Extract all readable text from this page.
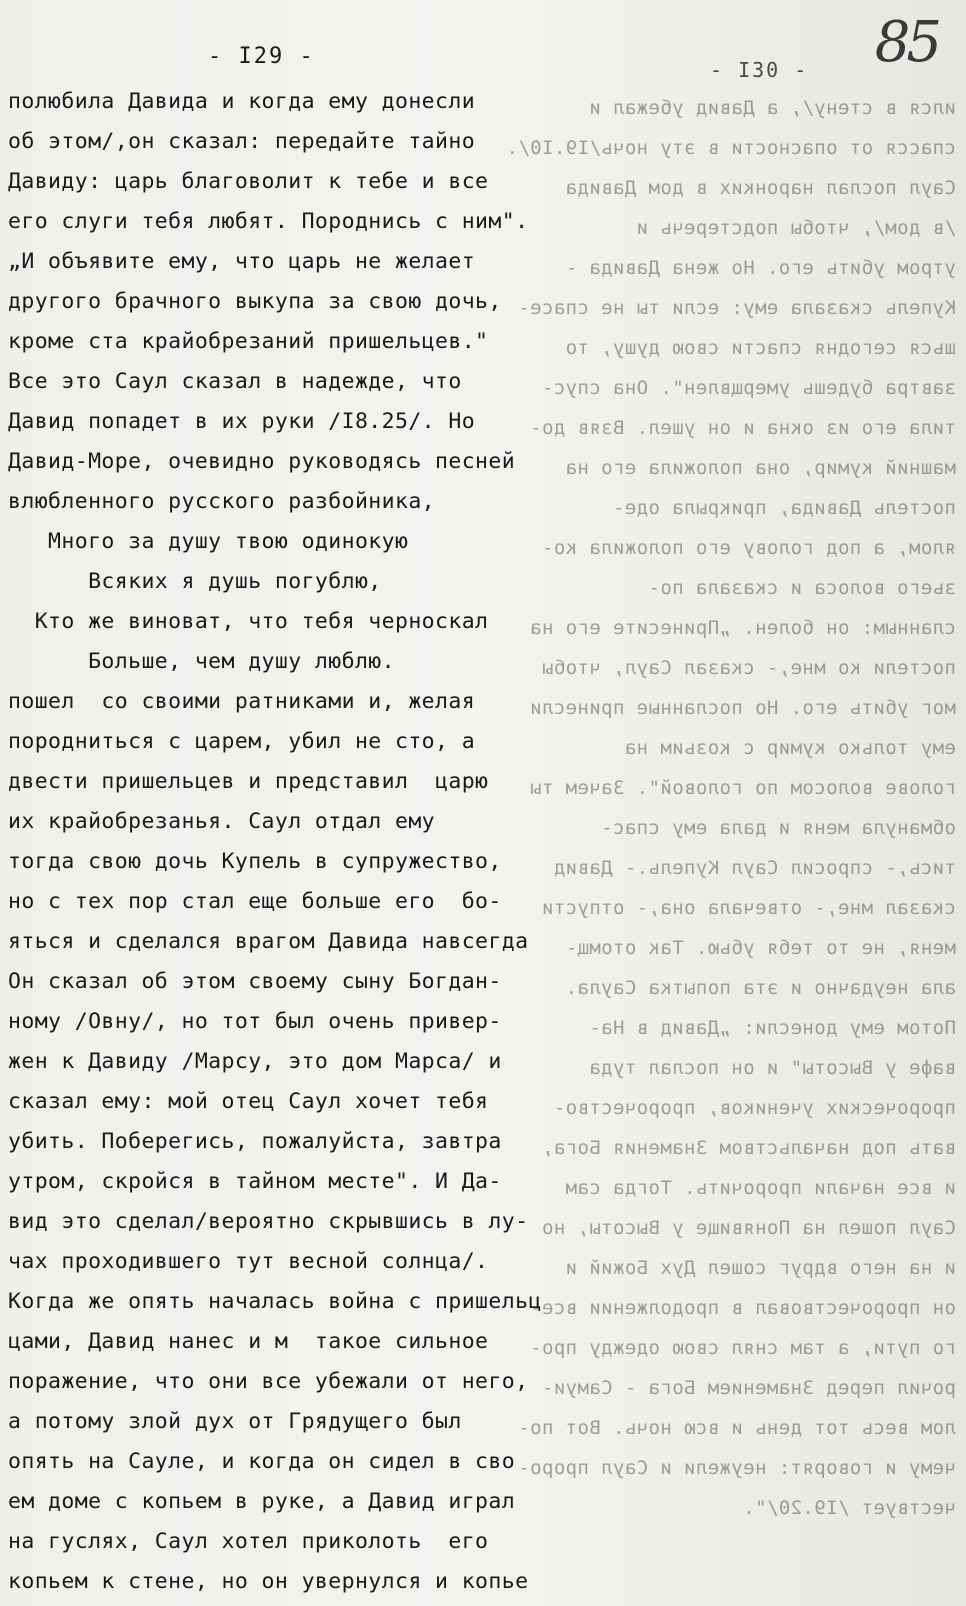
85
- I29 -
полюбила Давида и когда ему донесли
об этом/,он сказал: передайте тайно
Давиду: царь благоволит к тебе и все
его слуги тебя любят. Породнись с ним".
„И объявите ему, что царь не желает
другого брачного выкупа за свою дочь,
кроме ста крайобрезаний пришельцев."
Все это Саул сказал в надежде, что
Давид попадет в их руки /I8.25/. Но
Давид-Море, очевидно руководясь песней
влюбленного русского разбойника,
Много за душу твою одинокую
Всяких я душь погублю,
Кто же виноват, что тебя черноскал
Больше, чем душу люблю.
пошел  со своими ратниками и, желая
породниться с царем, убил не сто, а
двести пришельцев и представил  царю
их крайобрезанья. Саул отдал ему
тогда свою дочь Купель в супружество,
но с тех пор стал еще больше его  бо-
яться и сделался врагом Давида навсегда
Он сказал об этом своему сыну Богдан-
ному /Овну/, но тот был очень привер-
жен к Давиду /Марсу, это дом Марса/ и
сказал ему: мой отец Саул хочет тебя
убить. Поберегись, пожалуйста, завтра
утром, скройся в тайном месте". И Да-
вид это сделал/вероятно скрывшись в лу-
чах проходившего тут весной солнца/.
Когда же опять началась война с пришельц
цами, Давид нанес и м  такое сильное
поражение, что они все убежали от него,
а потому злой дух от Грядущего был
опять на Сауле, и когда он сидел в сво
ем доме с копьем в руке, а Давид играл
на гуслях, Саул хотел приколоть  его
копьем к стене, но он увернулся и копье
- I30 -
ился в стену/, а Давид убежал и
спасся от опасности в эту ночь/I9.I0/.
Саул послал наронких в дом Давида
/в дом/, чтобы подстеречь и
утром убить его. Но жена Давида -
Купель сказала ему: если ты не спасе-
шься сегодня спасти свою душу, то
завтра будешь умерщвлен". Она спус-
тила его из окна и он ушел. Взяв до-
машний кумир, она положила его на
постель Давида, прикрыла оде-
ялом, а под голову его положила ко-
зьего волоса и сказала по-
сланным: он болен. „Принесите его на
постели ко мне,- сказал Саул, чтобы
мог убить его. Но посланные принесли
ему только кумир с козьим на
голове волосом по головой". Зачем ты
обманула меня и дала ему спас-
тись,- спросил Саул Купель.- Давид
сказал мне,- отвечала она,- отпусти
меня, не то тебя убью. Так отомщ-
ала неудачно и эта попытка Саула.
Потом ему донесли: „Давид в На-
вафе у Высоты" и он послал туда
пророческих учеников, пророчество-
вать под начальством Знамения Бога,
и все начали пророчить. Тогда сам
Саул пошел на Понявище у Высоты, но
и на него вдруг сошел Дух Божий и
он пророчествовал в продолжении все-
го пути, а там снял свою одежду про-
рочил перед Знамением Бога - Самуи-
лом весь тот день и всю ночь. Вот по-
чему и говорят: неужели и Саул проро-
чествует /I9.20/".
